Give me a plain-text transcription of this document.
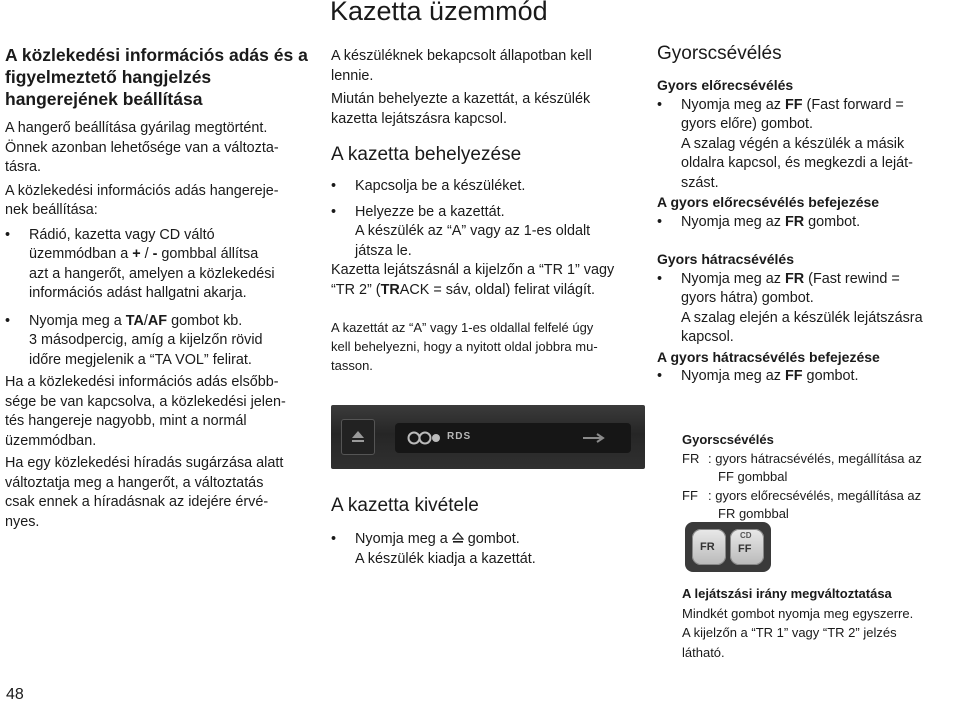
Kazetta üzemmód
A közlekedési információs adás és a figyelmeztető hangjelzés hangerejének beállítása

A hangerő beállítása gyárilag megtörtént.

Önnek azonban lehetősége van a változta-

tásra.

A közlekedési információs adás hangereje-

nek beállítása:

•	Rádió, kazetta vagy CD váltó

üzemmódban a + / - gombbal állítsa

azt a hangerőt, amelyen a közlekedési

információs adást hallgatni akarja.

•	Nyomja meg a TA/AF gombot kb.

3 másodpercig, amíg a kijelzőn rövid

időre megjelenik a “TA VOL” felirat.

Ha a közlekedési információs adás elsőbb-

sége be van kapcsolva, a közlekedési jelen-

tés hangereje nagyobb, mint a normál

üzemmódban.

Ha egy közlekedési híradás sugárzása alatt

változtatja meg a hangerőt, a változtatás

csak ennek a híradásnak az idejére érvé-

nyes.

A készüléknek bekapcsolt állapotban kell

lennie.

Miután behelyezte a kazettát, a készülék

kazetta lejátszásra kapcsol.

A kazetta behelyezése
•	Kapcsolja be a készüléket.

•	Helyezze be a kazettát.

A készülék az “A” vagy az 1-es oldalt

játsza le.

Kazetta lejátszásnál a kijelzőn a “TR 1” vagy

“TR 2” (TRACK = sáv, oldal) felirat világít.

A kazettát az “A” vagy 1-es oldallal felfelé úgy

kell behelyezni, hogy a nyitott oldal jobbra mu-

tasson.

RDS
A kazetta kivétele
•	Nyomja meg a  gombot.

A készülék kiadja a kazettát.

Gyorscsévélés
Gyors előrecsévélés
•	Nyomja meg az FF (Fast forward =

gyors előre) gombot.

A szalag végén a készülék a másik

oldalra kapcsol, és megkezdi a leját-

szást.

A gyors előrecsévélés befejezése
•	Nyomja meg az FR gombot.

Gyors hátracsévélés
•	Nyomja meg az FR (Fast rewind =

gyors hátra) gombot.

A szalag elején a készülék lejátszásra

kapcsol.

A gyors hátracsévélés befejezése
•	Nyomja meg az FF gombot.

Gyorscsévélés
FR : gyors hátracsévélés, megállítása az

FF gombbal

FF : gyors előrecsévélés, megállítása az

FR gombbal

FR
CD
FF
A lejátszási irány megváltoztatása

Mindkét gombot nyomja meg egyszerre.

A kijelzőn a “TR 1” vagy “TR 2” jelzés

látható.

48
